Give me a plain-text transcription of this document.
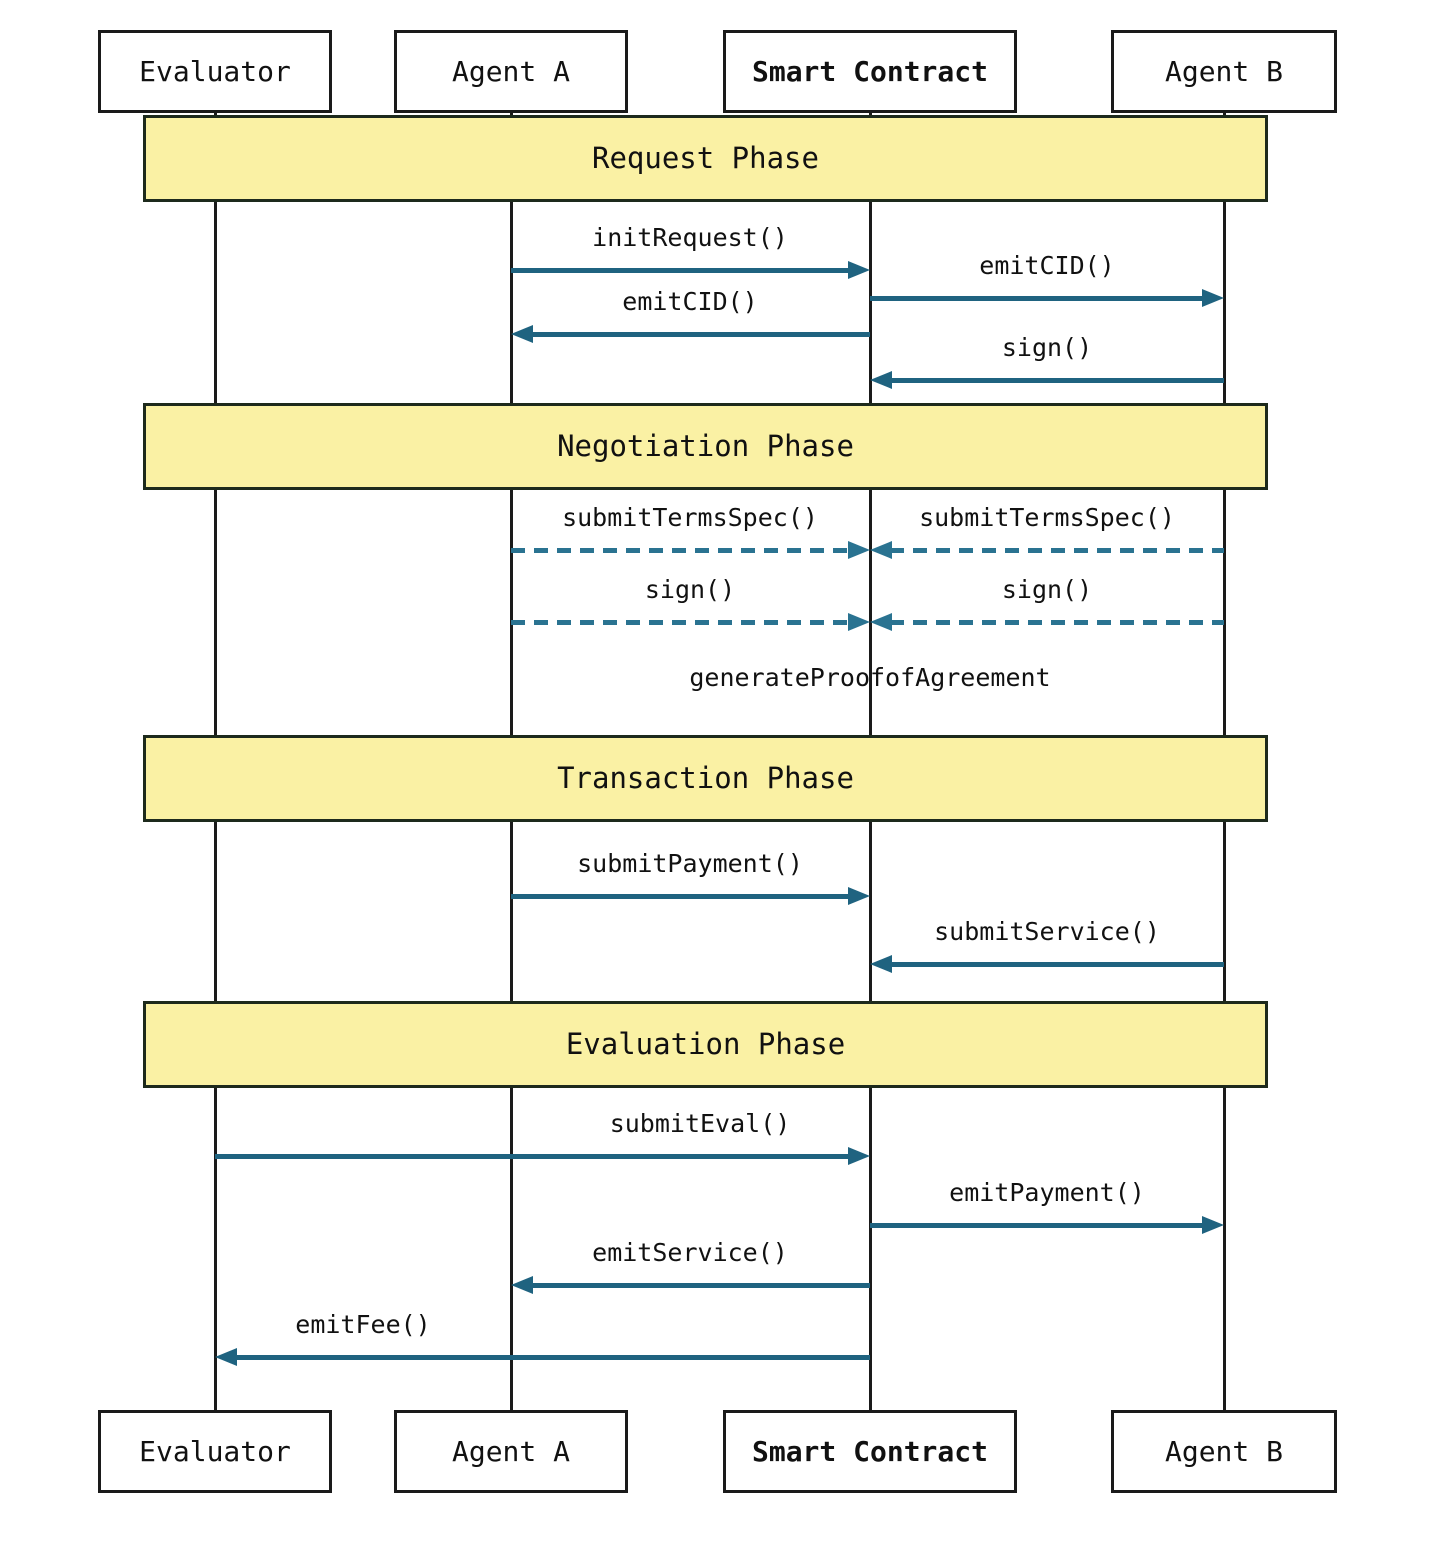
Request Phase
Negotiation Phase
Transaction Phase
Evaluation Phase
initRequest()
emitCID()
emitCID()
sign()
submitTermsSpec()	submitTermsSpec()
sign()	sign()
submitPayment()
submitService()
submitEval()
emitPayment()
emitService()
emitFee()
generateProofofAgreement
Evaluator	Agent A	Smart Contract	Agent B
Evaluator	Agent A	Smart Contract	Agent B
